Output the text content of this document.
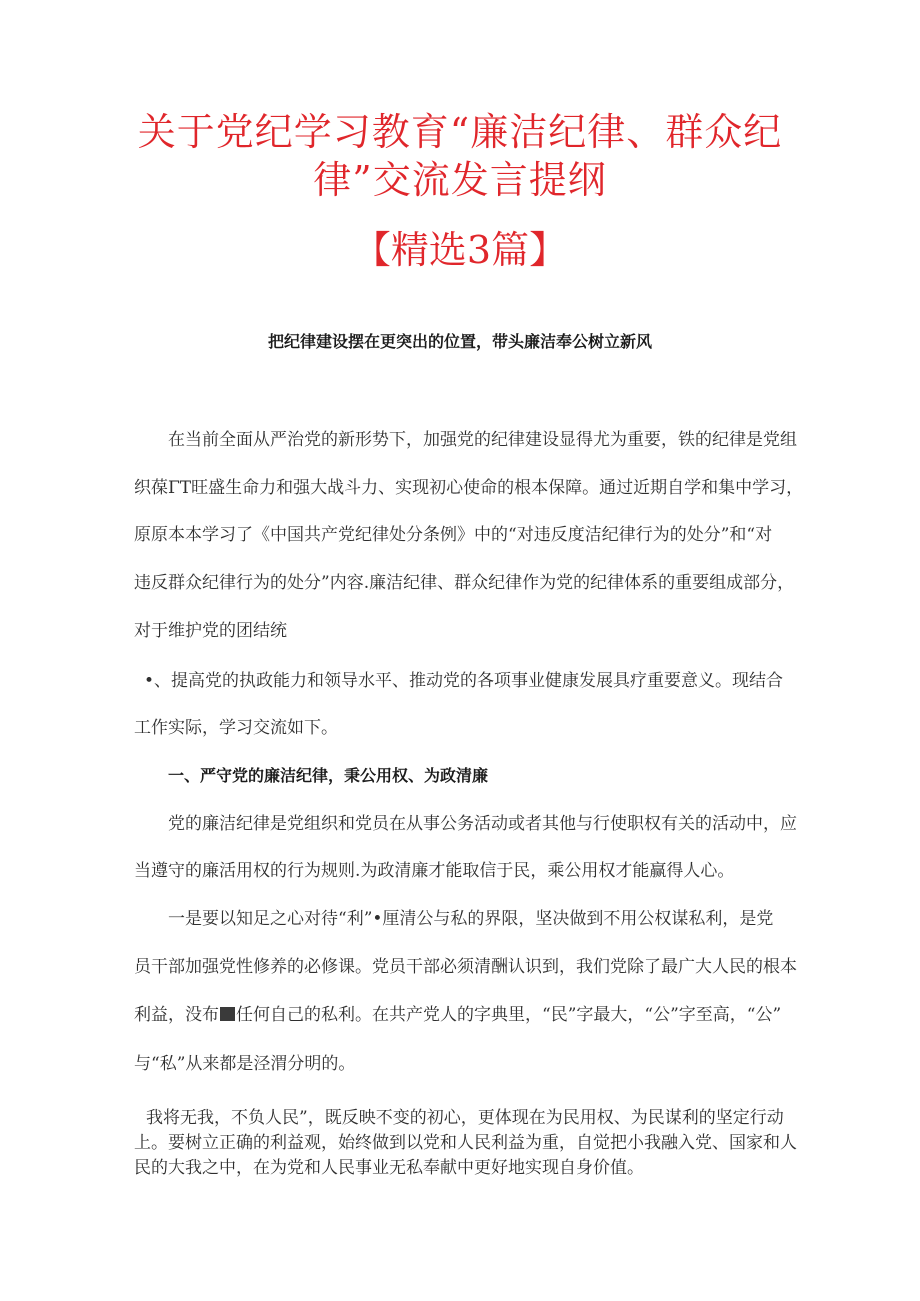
关于党纪学习教育“廉洁纪律、群众纪
律”交流发言提纲

【精选3篇】

把纪律建设摆在更突出的位置，带头廉洁奉公树立新风

在当前全面从严治党的新形势下，加强党的纪律建设显得尤为重要，铁的纪律是党组

织葆ΓΤ旺盛生命力和强大战斗力、实现初心使命的根本保障。通过近期自学和集中学习，

原原本本学习了《中国共产党纪律处分条例》中的“对违反度洁纪律行为的处分”和“对

违反群众纪律行为的处分”内容.廉洁纪律、群众纪律作为党的纪律体系的重要组成部分，

对于维护党的团结统

•、提高党的执政能力和领导水平、推动党的各项事业健康发展具疗重要意义。现结合

工作实际，学习交流如下。

一、严守党的廉洁纪律，秉公用权、为政清廉

党的廉洁纪律是党组织和党员在从事公务活动或者其他与行使职权有关的活动中，应

当遵守的廉活用权的行为规则.为政清廉才能取信于民，乘公用权才能赢得人心。

一是要以知足之心对待“利”•厘清公与私的界限，坚决做到不用公权谋私利，是党

员干部加强党性修养的必修课。党员干部必须清酬认识到，我们党除了最广大人民的根本

利益，没布 任何自己的私利。在共产党人的字典里，“民”字最大，“公”字至高，“公”

与“私”从来都是泾渭分明的。

我将无我，不负人民”，既反映不变的初心，更体现在为民用权、为民谋利的坚定行动

上。要树立正确的利益观，始终做到以党和人民利益为重，自觉把小我融入党、国家和人

民的大我之中，在为党和人民事业无私奉献中更好地实现自身价值。
